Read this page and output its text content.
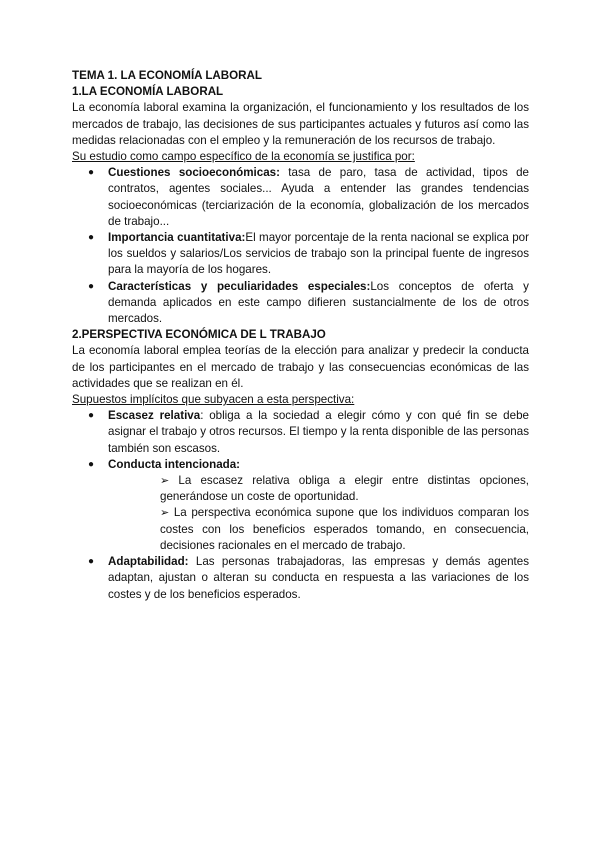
TEMA 1. LA ECONOMÍA LABORAL

1.LA ECONOMÍA LABORAL

La economía laboral examina la organización, el funcionamiento y los resultados de los mercados de trabajo, las decisiones de sus participantes actuales y futuros así como las medidas relacionadas con el empleo y la remuneración de los recursos de trabajo.

Su estudio como campo específico de la economía se justifica por:

● Cuestiones socioeconómicas: tasa de paro, tasa de actividad, tipos de contratos, agentes sociales... Ayuda a entender las grandes tendencias socioeconómicas (terciarización de la economía, globalización de los mercados de trabajo...
● Importancia cuantitativa:El mayor porcentaje de la renta nacional se explica por los sueldos y salarios/Los servicios de trabajo son la principal fuente de ingresos para la mayoría de los hogares.
● Características y peculiaridades especiales:Los conceptos de oferta y demanda aplicados en este campo difieren sustancialmente de los de otros mercados.

2.PERSPECTIVA ECONÓMICA DE L TRABAJO

La economía laboral emplea teorías de la elección para analizar y predecir la conducta de los participantes en el mercado de trabajo y las consecuencias económicas de las actividades que se realizan en él.

Supuestos implícitos que subyacen a esta perspectiva:

● Escasez relativa: obliga a la sociedad a elegir cómo y con qué fin se debe asignar el trabajo y otros recursos. El tiempo y la renta disponible de las personas también son escasos.
● Conducta intencionada:
➢ La escasez relativa obliga a elegir entre distintas opciones, generándose un coste de oportunidad.
➢ La perspectiva económica supone que los individuos comparan los costes con los beneficios esperados tomando, en consecuencia, decisiones racionales en el mercado de trabajo.
● Adaptabilidad: Las personas trabajadoras, las empresas y demás agentes adaptan, ajustan o alteran su conducta en respuesta a las variaciones de los costes y de los beneficios esperados.
